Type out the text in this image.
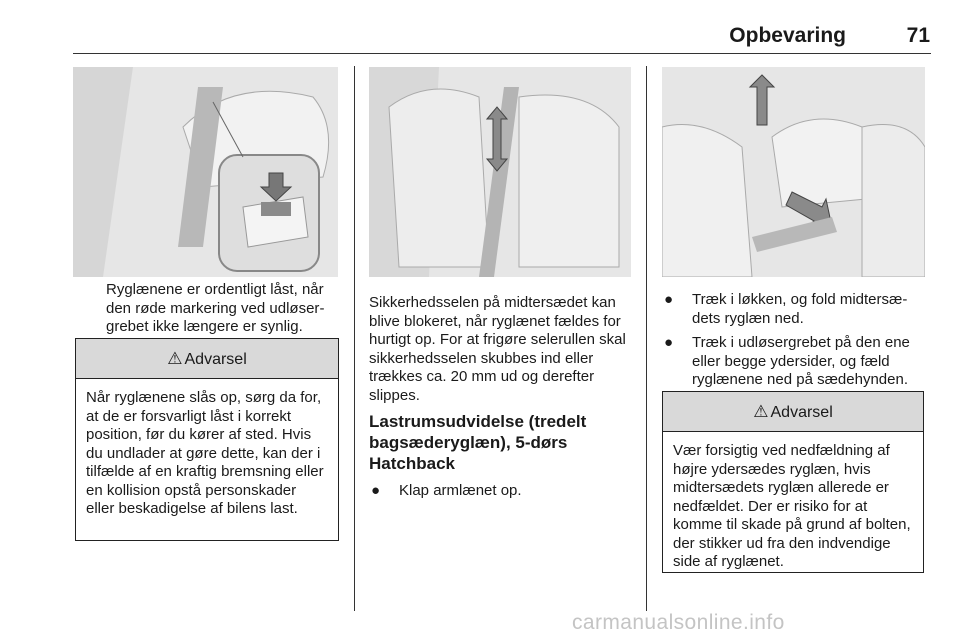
Opbevaring	71
Ryglænene er ordentligt låst, når den røde markering ved udløsergrebet ikke længere er synlig.
⚠ Advarsel
Når ryglænene slås op, sørg da for, at de er forsvarligt låst i korrekt position, før du kører af sted. Hvis du undlader at gøre dette, kan der i tilfælde af en kraftig bremsning eller en kollision opstå personskader eller beskadigelse af bilens last.
Sikkerhedsselen på midtersædet kan blive blokeret, når ryglænet fældes for hurtigt op. For at frigøre selerullen skal sikkerhedsselen skubbes ind eller trækkes ca. 20 mm ud og derefter slippes.
Lastrumsudvidelse (tredelt bagsæderyglæn), 5-dørs Hatchback
● Klap armlænet op.
● Træk i løkken, og fold midtersædets ryglæn ned.
● Træk i udløsergrebet på den ene eller begge ydersider, og fæld ryglænene ned på sædehynden.
⚠ Advarsel
Vær forsigtig ved nedfældning af højre ydersædes ryglæn, hvis midtersædets ryglæn allerede er nedfældet. Der er risiko for at komme til skade på grund af bolten, der stikker ud fra den indvendige side af ryglænet.
carmanualsonline.info
